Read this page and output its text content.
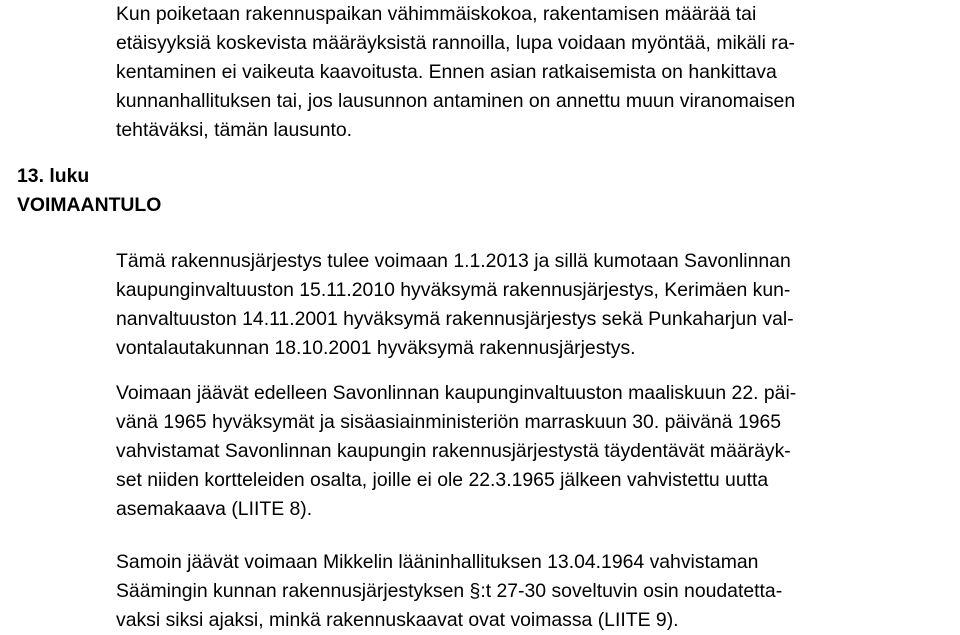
Kun poiketaan rakennuspaikan vähimmäiskokoa, rakentamisen määrää tai
etäisyyksiä koskevista määräyksistä rannoilla, lupa voidaan myöntää, mikäli ra-
kentaminen ei vaikeuta kaavoitusta. Ennen asian ratkaisemista on hankittava
kunnanhallituksen tai, jos lausunnon antaminen on annettu muun viranomaisen
tehtäväksi, tämän lausunto.
13. luku
VOIMAANTULO
Tämä rakennusjärjestys tulee voimaan 1.1.2013 ja sillä kumotaan Savonlinnan
kaupunginvaltuuston 15.11.2010 hyväksymä rakennusjärjestys, Kerimäen kun-
nanvaltuuston 14.11.2001 hyväksymä rakennusjärjestys sekä Punkaharjun val-
vontalautakunnan 18.10.2001 hyväksymä rakennusjärjestys.
Voimaan jäävät edelleen Savonlinnan kaupunginvaltuuston maaliskuun 22. päi-
vänä 1965 hyväksymät ja sisäasiainministeriön marraskuun 30. päivänä 1965
vahvistamat Savonlinnan kaupungin rakennusjärjestystä täydentävät määräyk-
set niiden kortteleiden osalta, joille ei ole 22.3.1965 jälkeen vahvistettu uutta
asemakaava (LIITE 8).
Samoin jäävät voimaan Mikkelin lääninhallituksen 13.04.1964 vahvistaman
Säämingin kunnan rakennusjärjestyksen §:t 27-30 soveltuvin osin noudatetta-
vaksi siksi ajaksi, minkä rakennuskaavat ovat voimassa (LIITE 9).
